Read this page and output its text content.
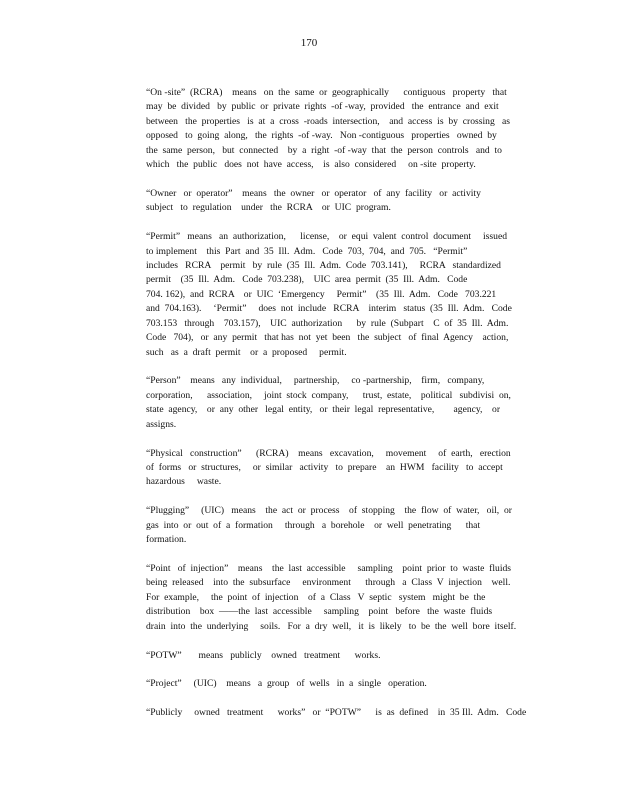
170
“On -site”  (RCRA)    means   on  the  same  or  geographically      contiguous   property   that
may  be  divided   by  public  or  private  rights  -of -way,  provided   the  entrance  and  exit
between   the  properties   is  at  a  cross  -roads  intersection,    and  access  is  by  crossing   as
opposed   to  going  along,   the  rights  -of -way.   Non -contiguous   properties   owned  by
the  same  person,   but  connected    by  a  right  -of -way  that  the  person  controls   and  to
which   the  public   does  not  have  access,    is  also  considered     on -site  property.
“Owner   or  operator”    means   the  owner   or  operator   of  any  facility   or  activity
subject   to  regulation    under   the  RCRA    or  UIC  program.
“Permit”   means   an  authorization,      license,    or  equi  valent  control  document     issued
to implement    this  Part  and  35  Ill.  Adm.   Code  703,  704,  and  705.   “Permit”
includes   RCRA    permit   by  rule  (35  Ill.  Adm.  Code  703.141),     RCRA   standardized
permit    (35  Ill.  Adm.   Code  703.238),    UIC  area  permit  (35  Ill.  Adm.   Code
704. 162),  and  RCRA    or  UIC  ‘Emergency     Permit”    (35  Ill.  Adm.   Code   703.221
and  704.163).     ‘Permit”     does  not  include   RCRA    interim   status  (35  Ill.  Adm.   Code
703.153   through    703.157),    UIC  authorization      by  rule  (Subpart    C  of  35  Ill.  Adm.
Code   704),   or  any  permit   that has  not  yet  been   the  subject   of  final  Agency    action,
such   as  a  draft  permit    or  a  proposed     permit.
“Person”    means   any  individual,     partnership,     co -partnership,    firm,   company,
corporation,      association,     joint  stock  company,      trust,  estate,    political   subdivisi  on,
state  agency,    or  any  other   legal  entity,   or  their  legal  representative,        agency,    or
assigns.
“Physical   construction”      (RCRA)    means   excavation,     movement     of  earth,   erection
of  forms   or  structures,     or  similar   activity   to  prepare    an  HWM   facility   to  accept
hazardous     waste.
“Plugging”     (UIC)   means    the  act  or  process    of  stopping    the  flow  of  water,   oil,  or
gas  into  or  out  of  a  formation     through   a  borehole    or  well  penetrating      that
formation.
“Point   of  injection”    means    the  last  accessible     sampling    point  prior  to  waste  fluids
being  released    into  the  subsurface     environment      through   a  Class  V  injection    well.
For  example,     the  point  of  injection    of  a  Class   V  septic   system   might  be  the
distribution    box  ——the  last  accessible     sampling    point   before   the  waste  fluids
drain  into  the  underlying     soils.   For  a  dry  well,   it  is  likely   to  be  the  well  bore  itself.
“POTW”       means   publicly    owned   treatment      works.
“Project”     (UIC)    means   a  group   of  wells   in  a  single   operation.
“Publicly     owned   treatment      works”   or  “POTW”      is  as  defined    in  35 Ill.  Adm.   Code
